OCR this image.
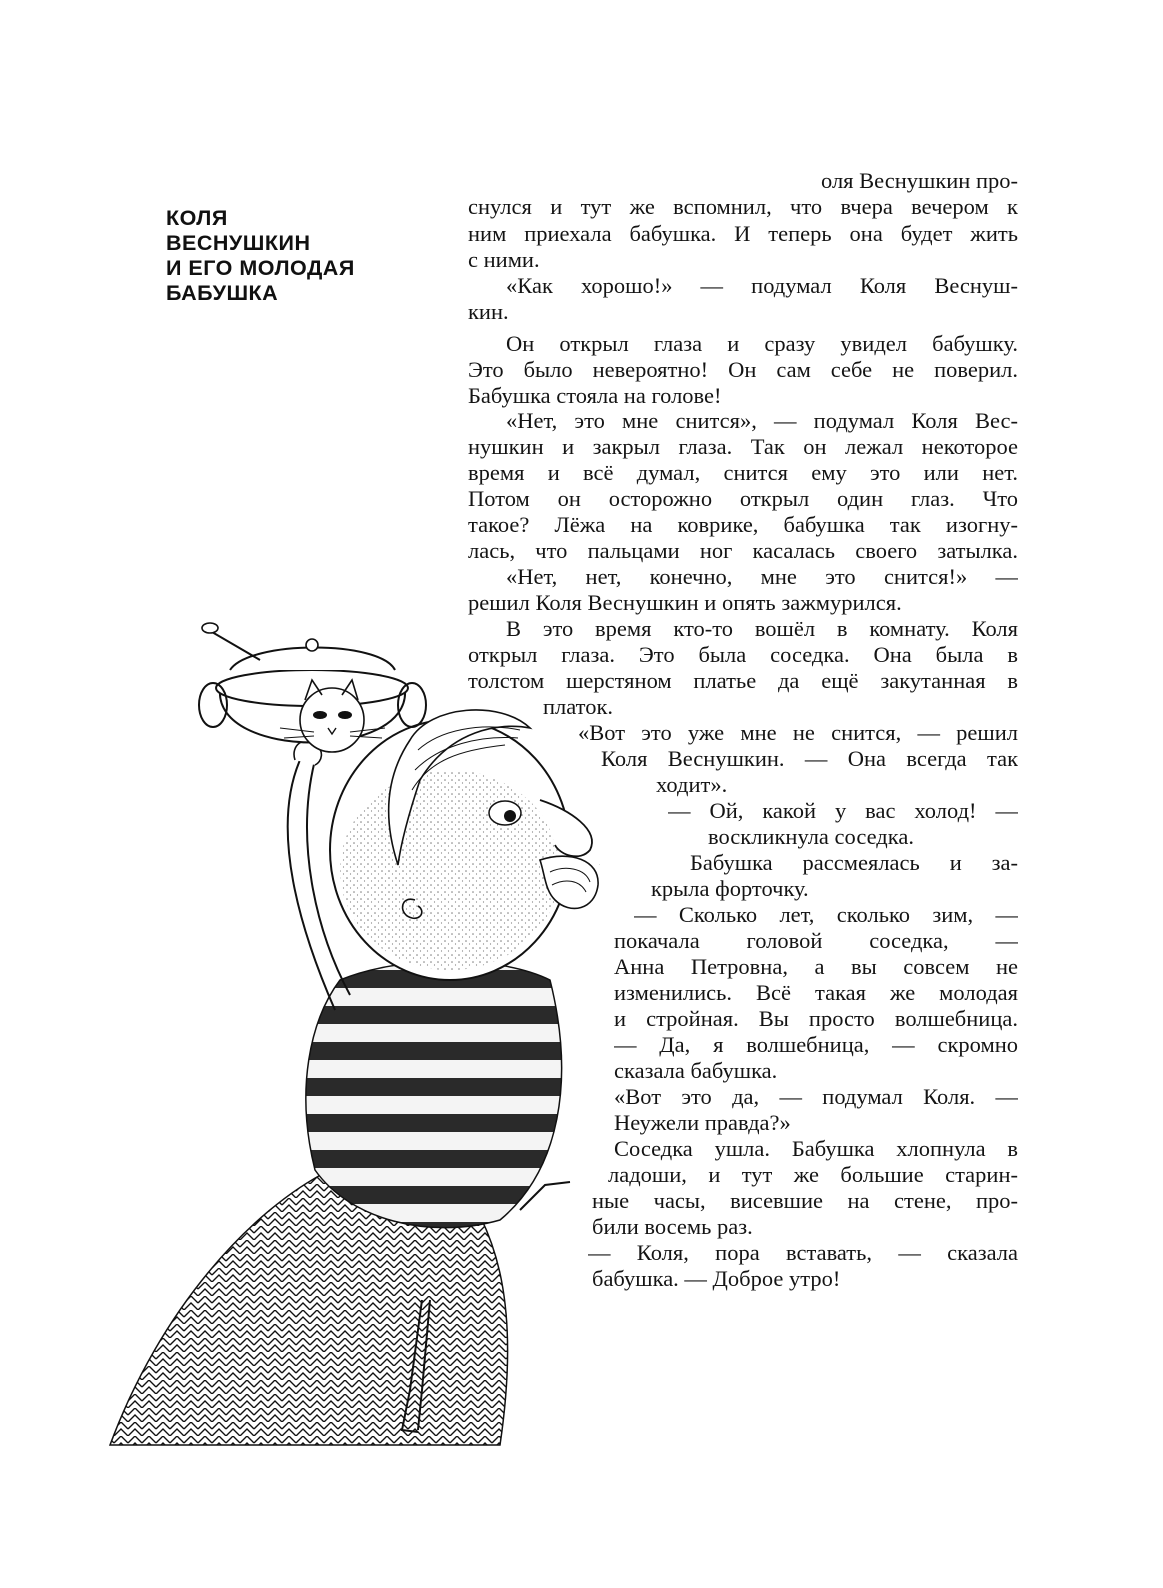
КОЛЯ
ВЕСНУШКИН
И ЕГО МОЛОДАЯ
БАБУШКА
оля Веснушкин про-
снулся и тут же вспомнил, что вчера вечером к
ним приехала бабушка. И теперь она будет жить
с ними.
«Как хорошо!» — подумал Коля Веснуш-
кин.
Он открыл глаза и сразу увидел бабушку.
Это было невероятно! Он сам себе не поверил.
Бабушка стояла на голове!
«Нет, это мне снится», — подумал Коля Вес-
нушкин и закрыл глаза. Так он лежал некоторое
время и всё думал, снится ему это или нет.
Потом он осторожно открыл один глаз. Что
такое? Лёжа на коврике, бабушка так изогну-
лась, что пальцами ног касалась своего затылка.
«Нет, нет, конечно, мне это снится!» —
решил Коля Веснушкин и опять зажмурился.
В это время кто-то вошёл в комнату. Коля
открыл глаза. Это была соседка. Она была в
толстом шерстяном платье да ещё закутанная в
платок.
«Вот это уже мне не снится, — решил
Коля Веснушкин. — Она всегда так
ходит».
— Ой, какой у вас холод! —
воскликнула соседка.
Бабушка рассмеялась и за-
крыла форточку.
— Сколько лет, сколько зим, —
покачала головой соседка, —
Анна Петровна, а вы совсем не
изменились. Всё такая же молодая
и стройная. Вы просто волшебница.
— Да, я волшебница, — скромно
сказала бабушка.
«Вот это да, — подумал Коля. —
Неужели правда?»
Соседка ушла. Бабушка хлопнула в
ладоши, и тут же большие старин-
ные часы, висевшие на стене, про-
били восемь раз.
— Коля, пора вставать, — сказала
бабушка. — Доброе утро!
